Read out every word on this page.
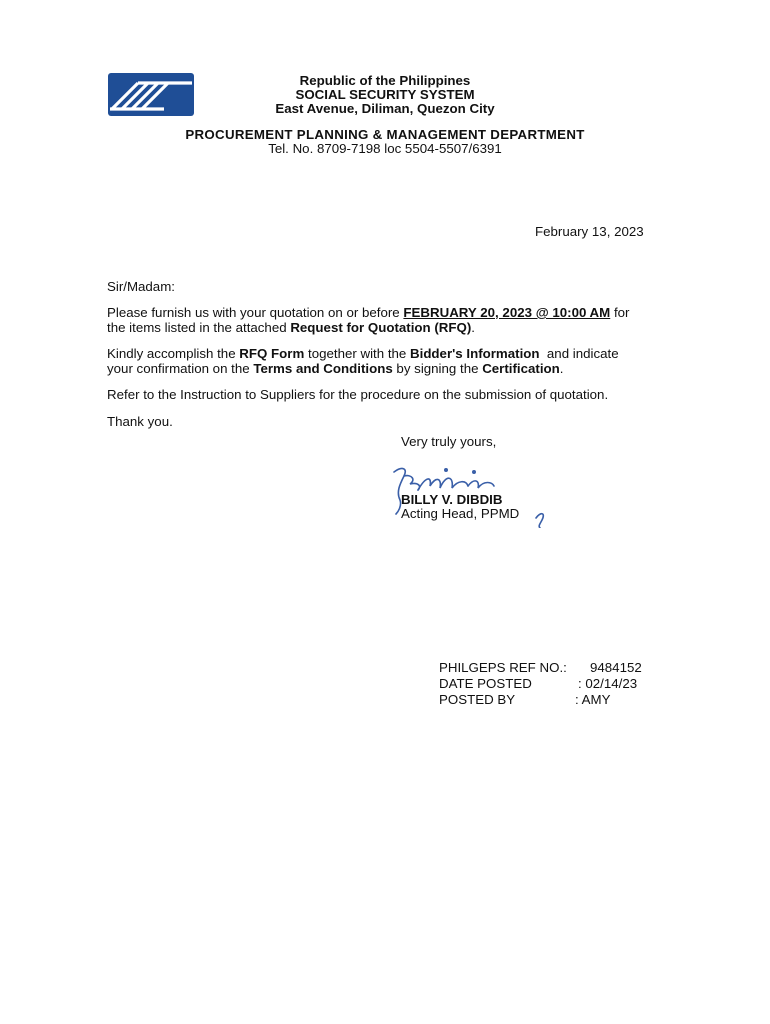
Republic of the Philippines
SOCIAL SECURITY SYSTEM
East Avenue, Diliman, Quezon City
PROCUREMENT PLANNING & MANAGEMENT DEPARTMENT
Tel. No. 8709-7198 loc 5504-5507/6391
February 13, 2023
Sir/Madam:
Please furnish us with your quotation on or before FEBRUARY 20, 2023 @ 10:00 AM for
the items listed in the attached Request for Quotation (RFQ).
Kindly accomplish the RFQ Form together with the Bidder's Information  and indicate
your confirmation on the Terms and Conditions by signing the Certification.
Refer to the Instruction to Suppliers for the procedure on the submission of quotation.
Thank you.
Very truly yours,
BILLY V. DIBDIB
Acting Head, PPMD
PHILGEPS REF NO.:	9484152
DATE POSTED	: 02/14/23
POSTED BY	: AMY
